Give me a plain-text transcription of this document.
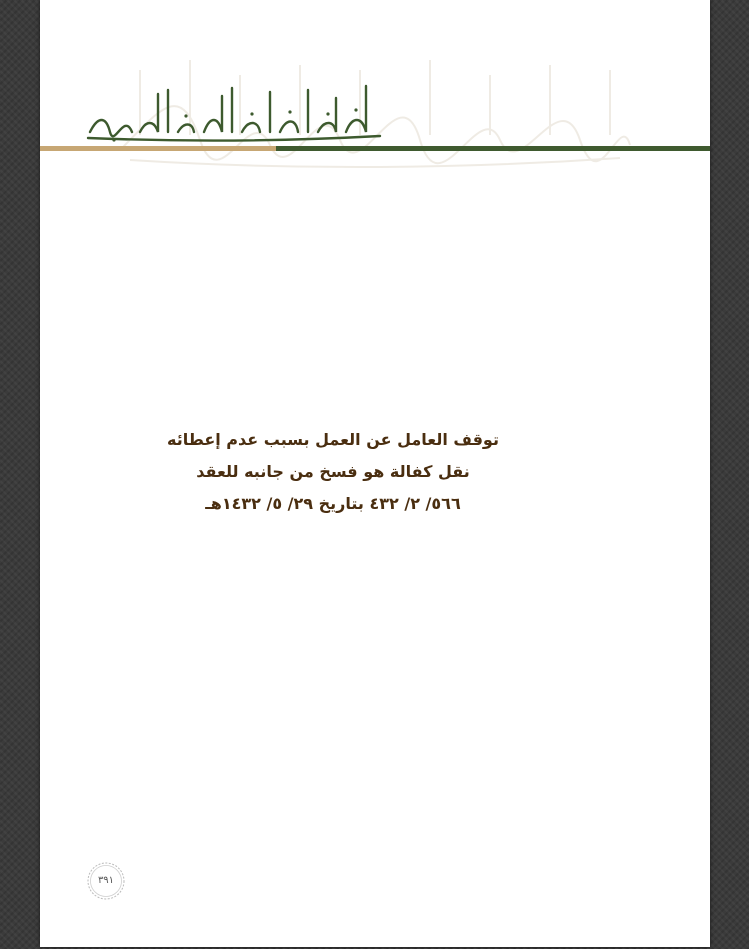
الهيئة العليا لتسوية الخلافات العمالية
توقف العامل عن العمل بسبب عدم إعطائه
نقل كفالة هو فسخ من جانبه للعقد
٥٦٦/ ٢/ ٤٣٢ بتاريخ ٢٩/ ٥/ ١٤٣٢هـ
٣٩١
